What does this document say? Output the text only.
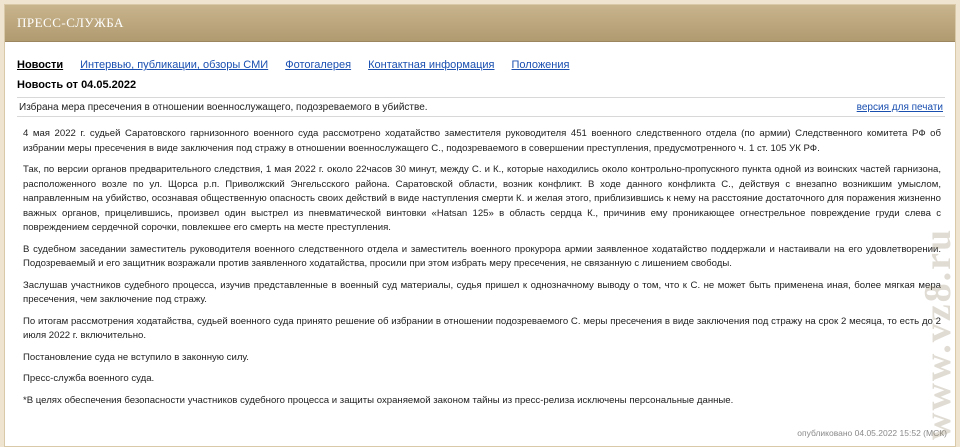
ПРЕСС-СЛУЖБА
Новости Интервью, публикации, обзоры СМИ Фотогалерея Контактная информация Положения
Новость от 04.05.2022
Избрана мера пресечения в отношении военнослужащего, подозреваемого в убийстве.	версия для печати

4 мая 2022 г. судьей Саратовского гарнизонного военного суда рассмотрено ходатайство заместителя руководителя 451 военного следственного отдела (по армии) Следственного комитета РФ об избрании меры пресечения в виде заключения под стражу в отношении военнослужащего С., подозреваемого в совершении преступления, предусмотренного ч. 1 ст. 105 УК РФ.

Так, по версии органов предварительного следствия, 1 мая 2022 г. около 22часов 30 минут, между С. и К., которые находились около контрольно-пропускного пункта одной из воинских частей гарнизона, расположенного возле по ул. Щорса р.п. Приволжский Энгельсского района. Саратовской области, возник конфликт. В ходе данного конфликта С., действуя с внезапно возникшим умыслом, направленным на убийство, осознавая общественную опасность своих действий в виде наступления смерти К. и желая этого, приблизившись к нему на расстояние достаточного для поражения жизненно важных органов, прицелившись, произвел один выстрел из пневматической винтовки «Hatsan 125» в область сердца К., причинив ему проникающее огнестрельное повреждение груди слева с повреждением сердечной сорочки, повлекшее его смерть на месте преступления.

В судебном заседании заместитель руководителя военного следственного отдела и заместитель военного прокурора армии заявленное ходатайство поддержали и настаивали на его удовлетворении. Подозреваемый и его защитник возражали против заявленного ходатайства, просили при этом избрать меру пресечения, не связанную с лишением свободы.

Заслушав участников судебного процесса, изучив представленные в военный суд материалы, судья пришел к однозначному выводу о том, что к С. не может быть применена иная, более мягкая мера пресечения, чем заключение под стражу.

По итогам рассмотрения ходатайства, судьей военного суда принято решение об избрании в отношении подозреваемого С. меры пресечения в виде заключения под стражу на срок 2 месяца, то есть до 2 июля 2022 г. включительно.

Постановление суда не вступило в законную силу.

Пресс-служба военного суда.

*В целях обеспечения безопасности участников судебного процесса и защиты охраняемой законом тайны из пресс-релиза исключены персональные данные.

опубликовано 04.05.2022 15:52 (МСК)
www.vz8.ru
